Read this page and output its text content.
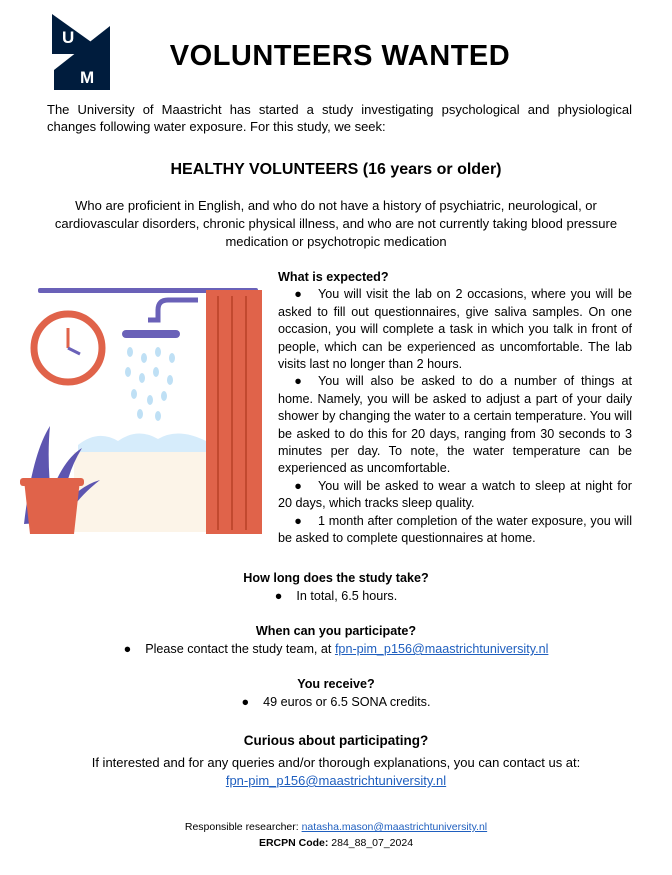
U
M
VOLUNTEERS WANTED
The University of Maastricht has started a study investigating psychological and physiological changes following water exposure. For this study, we seek:
HEALTHY VOLUNTEERS (16 years or older)
Who are proficient in English, and who do not have a history of psychiatric, neurological, or cardiovascular disorders, chronic physical illness, and who are not currently taking blood pressure medication or psychotropic medication
What is expected?

● You will visit the lab on 2 occasions, where you will be asked to fill out questionnaires, give saliva samples. On one occasion, you will complete a task in which you talk in front of people, which can be experienced as uncomfortable. The lab visits last no longer than 2 hours.

● You will also be asked to do a number of things at home. Namely, you will be asked to adjust a part of your daily shower by changing the water to a certain temperature. You will be asked to do this for 20 days, ranging from 30 seconds to 3 minutes per day. To note, the water temperature can be experienced as uncomfortable.

● You will be asked to wear a watch to sleep at night for 20 days, which tracks sleep quality.

● 1 month after completion of the water exposure, you will be asked to complete questionnaires at home.

How long does the study take?
● In total, 6.5 hours.
When can you participate?
● Please contact the study team, at fpn-pim_p156@maastrichtuniversity.nl
You receive?
● 49 euros or 6.5 SONA credits.
Curious about participating?
If interested and for any queries and/or thorough explanations, you can contact us at:
fpn-pim_p156@maastrichtuniversity.nl
Responsible researcher: natasha.mason@maastrichtuniversity.nl
ERCPN Code: 284_88_07_2024
